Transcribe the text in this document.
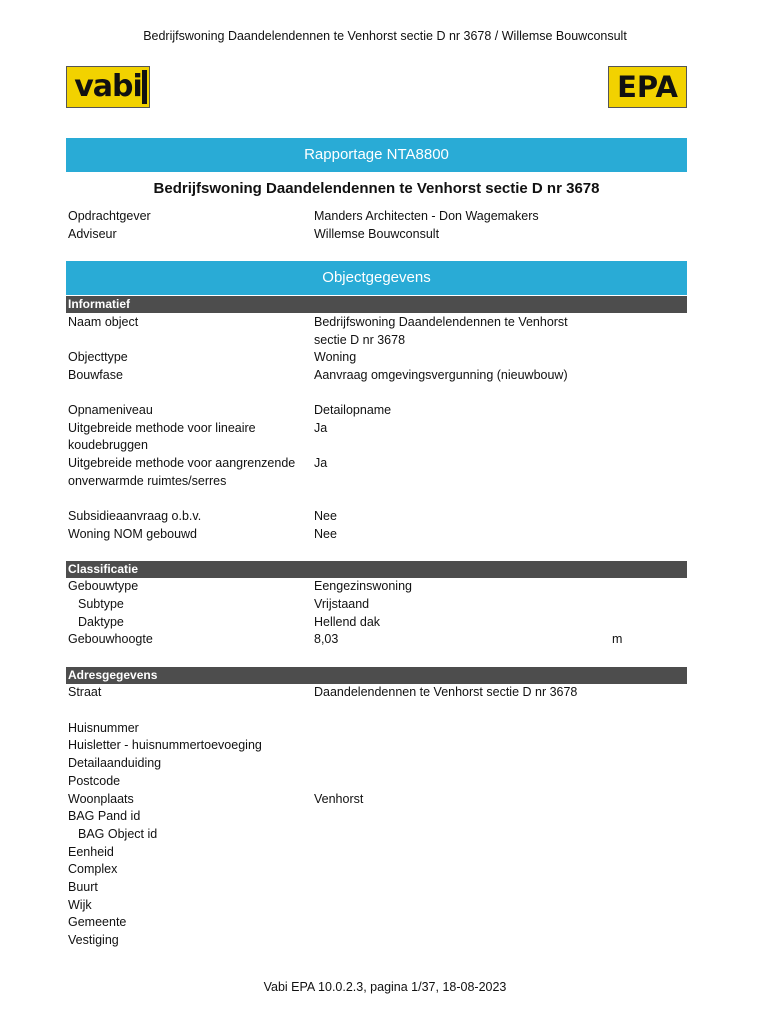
Bedrijfswoning Daandelendennen te Venhorst sectie D nr 3678 / Willemse Bouwconsult
vabi	EPA
Rapportage NTA8800
Bedrijfswoning Daandelendennen te Venhorst sectie D nr 3678
Opdrachtgever	Manders Architecten - Don Wagemakers
Adviseur	Willemse Bouwconsult
Objectgegevens
Informatief
Naam object	Bedrijfswoning Daandelendennen te Venhorst
sectie D nr 3678
Objecttype	Woning
Bouwfase	Aanvraag omgevingsvergunning (nieuwbouw)
Opnameniveau	Detailopname
Uitgebreide methode voor lineaire	Ja
koudebruggen
Uitgebreide methode voor aangrenzende	Ja
onverwarmde ruimtes/serres
Subsidieaanvraag o.b.v.	Nee
Woning NOM gebouwd	Nee
Classificatie
Gebouwtype	Eengezinswoning
Subtype	Vrijstaand
Daktype	Hellend dak
Gebouwhoogte	8,03	m
Adresgegevens
Straat	Daandelendennen te Venhorst sectie D nr 3678
Huisnummer
Huisletter - huisnummertoevoeging
Detailaanduiding
Postcode
Woonplaats	Venhorst
BAG Pand id
BAG Object id
Eenheid
Complex
Buurt
Wijk
Gemeente
Vestiging
Vabi EPA 10.0.2.3, pagina 1/37, 18-08-2023
